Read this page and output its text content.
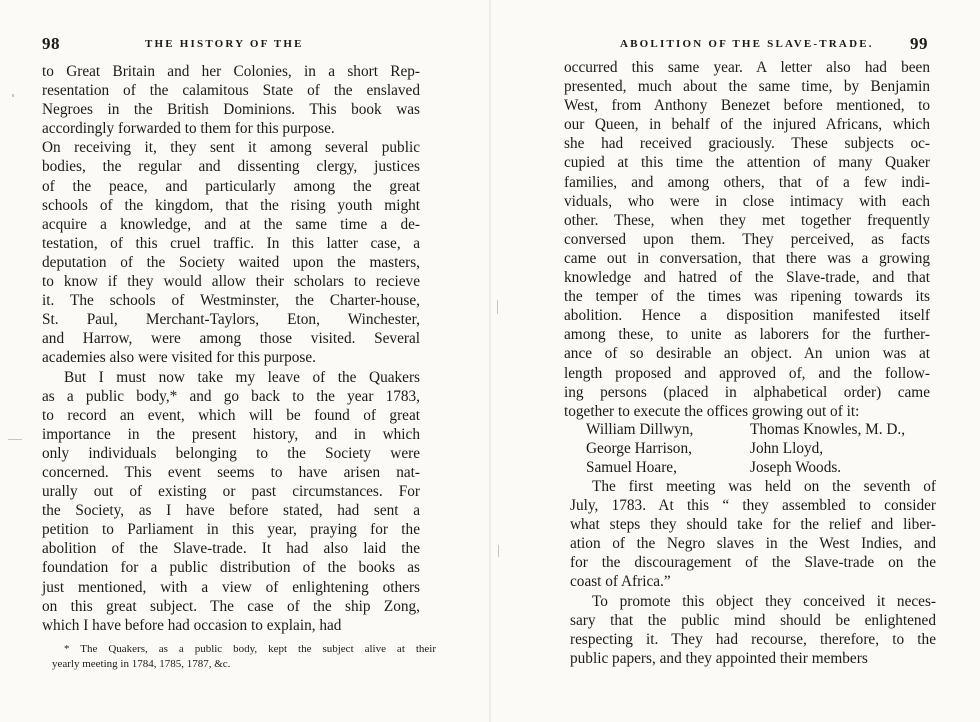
98	THE HISTORY OF THE
to Great Britain and her Colonies, in a short Rep-
resentation of the calamitous State of the enslaved
Negroes in the British Dominions. This book was
accordingly forwarded to them for this purpose.
On receiving it, they sent it among several public
bodies, the regular and dissenting clergy, justices
of the peace, and particularly among the great
schools of the kingdom, that the rising youth might
acquire a knowledge, and at the same time a de-
testation, of this cruel traffic. In this latter case, a
deputation of the Society waited upon the masters,
to know if they would allow their scholars to recieve
it. The schools of Westminster, the Charter-house,
St. Paul, Merchant-Taylors, Eton, Winchester,
and Harrow, were among those visited. Several
academies also were visited for this purpose.
But I must now take my leave of the Quakers
as a public body,* and go back to the year 1783,
to record an event, which will be found of great
importance in the present history, and in which
only individuals belonging to the Society were
concerned. This event seems to have arisen nat-
urally out of existing or past circumstances. For
the Society, as I have before stated, had sent a
petition to Parliament in this year, praying for the
abolition of the Slave-trade. It had also laid the
foundation for a public distribution of the books as
just mentioned, with a view of enlightening others
on this great subject. The case of the ship Zong,
which I have before had occasion to explain, had
* The Quakers, as a public body, kept the subject alive at their
yearly meeting in 1784, 1785, 1787, &c.
ABOLITION OF THE SLAVE-TRADE. 99
occurred this same year. A letter also had been
presented, much about the same time, by Benjamin
West, from Anthony Benezet before mentioned, to
our Queen, in behalf of the injured Africans, which
she had received graciously. These subjects oc-
cupied at this time the attention of many Quaker
families, and among others, that of a few indi-
viduals, who were in close intimacy with each
other. These, when they met together frequently
conversed upon them. They perceived, as facts
came out in conversation, that there was a growing
knowledge and hatred of the Slave-trade, and that
the temper of the times was ripening towards its
abolition. Hence a disposition manifested itself
among these, to unite as laborers for the further-
ance of so desirable an object. An union was at
length proposed and approved of, and the follow-
ing persons (placed in alphabetical order) came
together to execute the offices growing out of it:
William Dillwyn,	Thomas Knowles, M. D.,
George Harrison,	John Lloyd,
Samuel Hoare,	Joseph Woods.
The first meeting was held on the seventh of
July, 1783. At this “ they assembled to consider
what steps they should take for the relief and liber-
ation of the Negro slaves in the West Indies, and
for the discouragement of the Slave-trade on the
coast of Africa.”
To promote this object they conceived it neces-
sary that the public mind should be enlightened
respecting it. They had recourse, therefore, to the
public papers, and they appointed their members
